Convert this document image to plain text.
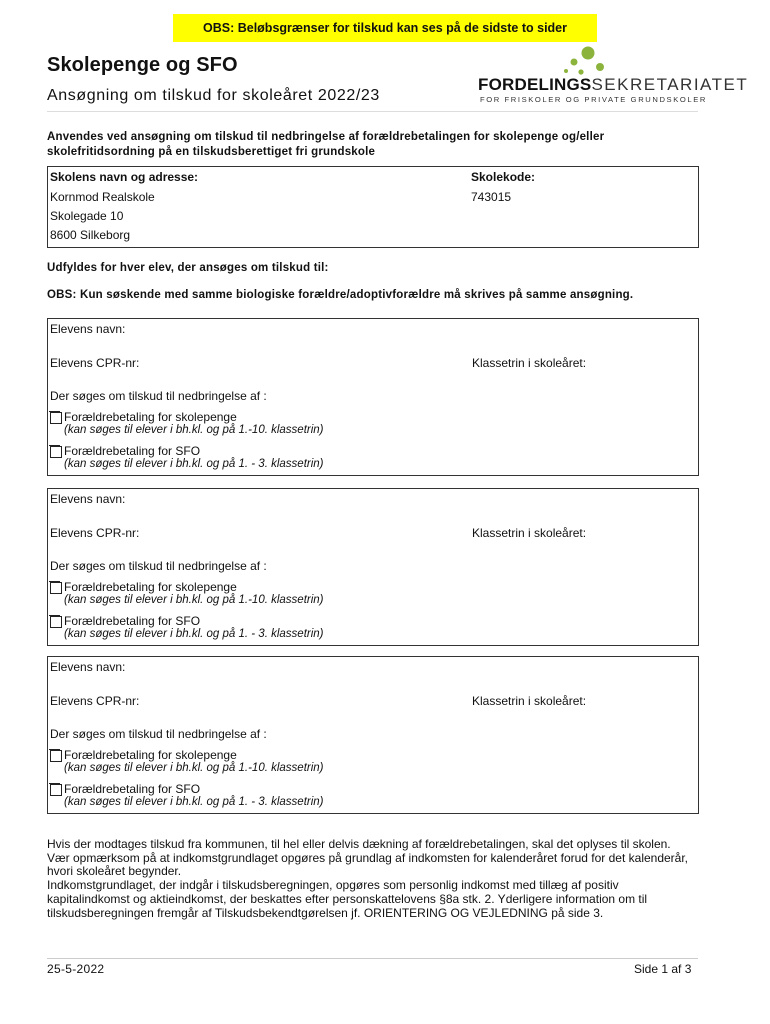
OBS: Beløbsgrænser for tilskud kan ses på de sidste to sider
Skolepenge og SFO
Ansøgning om tilskud for skoleåret 2022/23
FORDELINGSSEKRETARIATET
FOR FRISKOLER OG PRIVATE GRUNDSKOLER
Anvendes ved ansøgning om tilskud til nedbringelse af forældrebetalingen for skolepenge og/eller skolefritidsordning på en tilskudsberettiget fri grundskole
Skolens navn og adresse:	Skolekode:
Kornmod Realskole	743015
Skolegade 10
8600 Silkeborg
Udfyldes for hver elev, der ansøges om tilskud til:
OBS: Kun søskende med samme biologiske forældre/adoptivforældre må skrives på samme ansøgning.
Elevens navn:
Elevens CPR-nr:	Klassetrin i skoleåret:
Der søges om tilskud til nedbringelse af :
Forældrebetaling for skolepenge
(kan søges til elever i bh.kl. og på 1.-10. klassetrin)
Forældrebetaling for SFO
(kan søges til elever i bh.kl. og på 1. - 3. klassetrin)
Elevens navn:
Elevens CPR-nr:	Klassetrin i skoleåret:
Der søges om tilskud til nedbringelse af :
Forældrebetaling for skolepenge
(kan søges til elever i bh.kl. og på 1.-10. klassetrin)
Forældrebetaling for SFO
(kan søges til elever i bh.kl. og på 1. - 3. klassetrin)
Elevens navn:
Elevens CPR-nr:	Klassetrin i skoleåret:
Der søges om tilskud til nedbringelse af :
Forældrebetaling for skolepenge
(kan søges til elever i bh.kl. og på 1.-10. klassetrin)
Forældrebetaling for SFO
(kan søges til elever i bh.kl. og på 1. - 3. klassetrin)
Hvis der modtages tilskud fra kommunen, til hel eller delvis dækning af forældrebetalingen, skal det oplyses til skolen.
Vær opmærksom på at indkomstgrundlaget opgøres på grundlag af indkomsten for kalenderåret forud for det kalenderår, hvori skoleåret begynder.
Indkomstgrundlaget, der indgår i tilskudsberegningen, opgøres som personlig indkomst med tillæg af positiv kapitalindkomst og aktieindkomst, der beskattes efter personskattelovens §8a stk. 2. Yderligere information om til tilskudsberegningen fremgår af Tilskudsbekendtgørelsen jf. ORIENTERING OG VEJLEDNING på side 3.
25-5-2022	Side 1 af 3
